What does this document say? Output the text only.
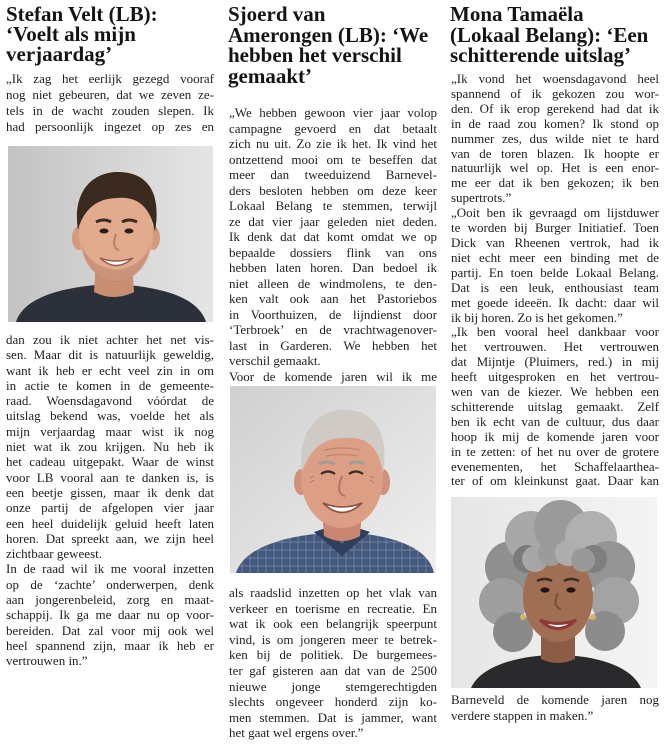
Stefan Velt (LB):
‘Voelt als mijn
verjaardag’
„Ik zag het eerlijk gezegd vooraf
nog niet gebeuren, dat we zeven ze-
tels in de wacht zouden slepen. Ik
had persoonlijk ingezet op zes en
dan zou ik niet achter het net vis-
sen. Maar dit is natuurlijk geweldig,
want ik heb er echt veel zin in om
in actie te komen in de gemeente-
raad. Woensdagavond vóórdat de
uitslag bekend was, voelde het als
mijn verjaardag maar wist ik nog
niet wat ik zou krijgen. Nu heb ik
het cadeau uitgepakt. Waar de winst
voor LB vooral aan te danken is, is
een beetje gissen, maar ik denk dat
onze partij de afgelopen vier jaar
een heel duidelijk geluid heeft laten
horen. Dat spreekt aan, we zijn heel
zichtbaar geweest.
In de raad wil ik me vooral inzetten
op de ‘zachte’ onderwerpen, denk
aan jongerenbeleid, zorg en maat-
schappij. Ik ga me daar nu op voor-
bereiden. Dat zal voor mij ook wel
heel spannend zijn, maar ik heb er
vertrouwen in.”
Sjoerd van
Amerongen (LB): ‘We
hebben het verschil
gemaakt’
„We hebben gewoon vier jaar volop
campagne gevoerd en dat betaalt
zich nu uit. Zo zie ik het. Ik vind het
ontzettend mooi om te beseffen dat
meer dan tweeduizend Barnevel-
ders besloten hebben om deze keer
Lokaal Belang te stemmen, terwijl
ze dat vier jaar geleden niet deden.
Ik denk dat dat komt omdat we op
bepaalde dossiers flink van ons
hebben laten horen. Dan bedoel ik
niet alleen de windmolens, te den-
ken valt ook aan het Pastoriebos
in Voorthuizen, de lijndienst door
‘Terbroek’ en de vrachtwagenover-
last in Garderen. We hebben het
verschil gemaakt.
Voor de komende jaren wil ik me
als raadslid inzetten op het vlak van
verkeer en toerisme en recreatie. En
wat ik ook een belangrijk speerpunt
vind, is om jongeren meer te betrek-
ken bij de politiek. De burgemees-
ter gaf gisteren aan dat van de 2500
nieuwe jonge stemgerechtigden
slechts ongeveer honderd zijn ko-
men stemmen. Dat is jammer, want
het gaat wel ergens over.”
Mona Tamaëla
(Lokaal Belang): ‘Een
schitterende uitslag’
„Ik vond het woensdagavond heel
spannend of ik gekozen zou wor-
den. Of ik erop gerekend had dat ik
in de raad zou komen? Ik stond op
nummer zes, dus wilde niet te hard
van de toren blazen. Ik hoopte er
natuurlijk wel op. Het is een enor-
me eer dat ik ben gekozen; ik ben
supertrots.”
„Ooit ben ik gevraagd om lijstduwer
te worden bij Burger Initiatief. Toen
Dick van Rheenen vertrok, had ik
niet echt meer een binding met de
partij. En toen belde Lokaal Belang.
Dat is een leuk, enthousiast team
met goede ideeën. Ik dacht: daar wil
ik bij horen. Zo is het gekomen.”
„Ik ben vooral heel dankbaar voor
het vertrouwen. Het vertrouwen
dat Mijntje (Pluimers, red.) in mij
heeft uitgesproken en het vertrou-
wen van de kiezer. We hebben een
schitterende uitslag gemaakt. Zelf
ben ik echt van de cultuur, dus daar
hoop ik mij de komende jaren voor
in te zetten: of het nu over de grotere
evenementen, het Schaffelaarthea-
ter of om kleinkunst gaat. Daar kan
Barneveld de komende jaren nog
verdere stappen in maken.”
